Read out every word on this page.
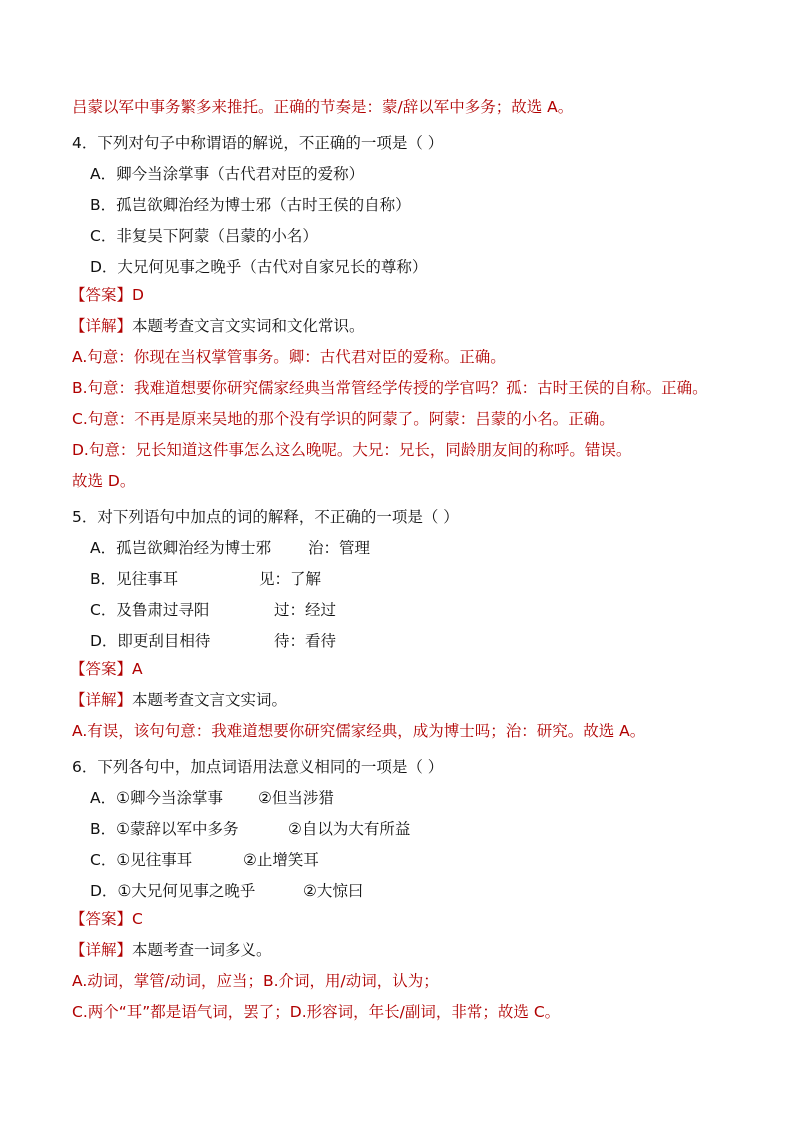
吕蒙以军中事务繁多来推托。正确的节奏是：蒙/辞以军中多务；故选 A。
4．下列对句子中称谓语的解说，不正确的一项是（ ）
A．卿今当涂掌事（古代君对臣的爱称）
B．孤岂欲卿治经为博士邪（古时王侯的自称）
C．非复吴下阿蒙（吕蒙的小名）
D．大兄何见事之晚乎（古代对自家兄长的尊称）
【答案】D
【详解】本题考查文言文实词和文化常识。
A.句意：你现在当权掌管事务。卿：古代君对臣的爱称。正确。
B.句意：我难道想要你研究儒家经典当常管经学传授的学官吗？孤：古时王侯的自称。正确。
C.句意：不再是原来吴地的那个没有学识的阿蒙了。阿蒙：吕蒙的小名。正确。
D.句意：兄长知道这件事怎么这么晚呢。大兄：兄长，同龄朋友间的称呼。错误。
故选 D。
5．对下列语句中加点的词的解释，不正确的一项是（ ）
A．孤岂欲卿治经为博士邪 治：管理
B．见往事耳	见：了解
C．及鲁肃过寻阳	过：经过
D．即更刮目相待	待：看待
【答案】A
【详解】本题考查文言文实词。
A.有误，该句句意：我难道想要你研究儒家经典，成为博士吗；治：研究。故选 A。
6．下列各句中，加点词语用法意义相同的一项是（ ）
A．①卿今当涂掌事 ②但当涉猎
B．①蒙辞以军中多务	②自以为大有所益
C．①见往事耳	②止增笑耳
D．①大兄何见事之晚乎	②大惊曰
【答案】C
【详解】本题考查一词多义。
A.动词，掌管/动词，应当；B.介词，用/动词，认为；
C.两个“耳”都是语气词，罢了；D.形容词，年长/副词，非常；故选 C。
